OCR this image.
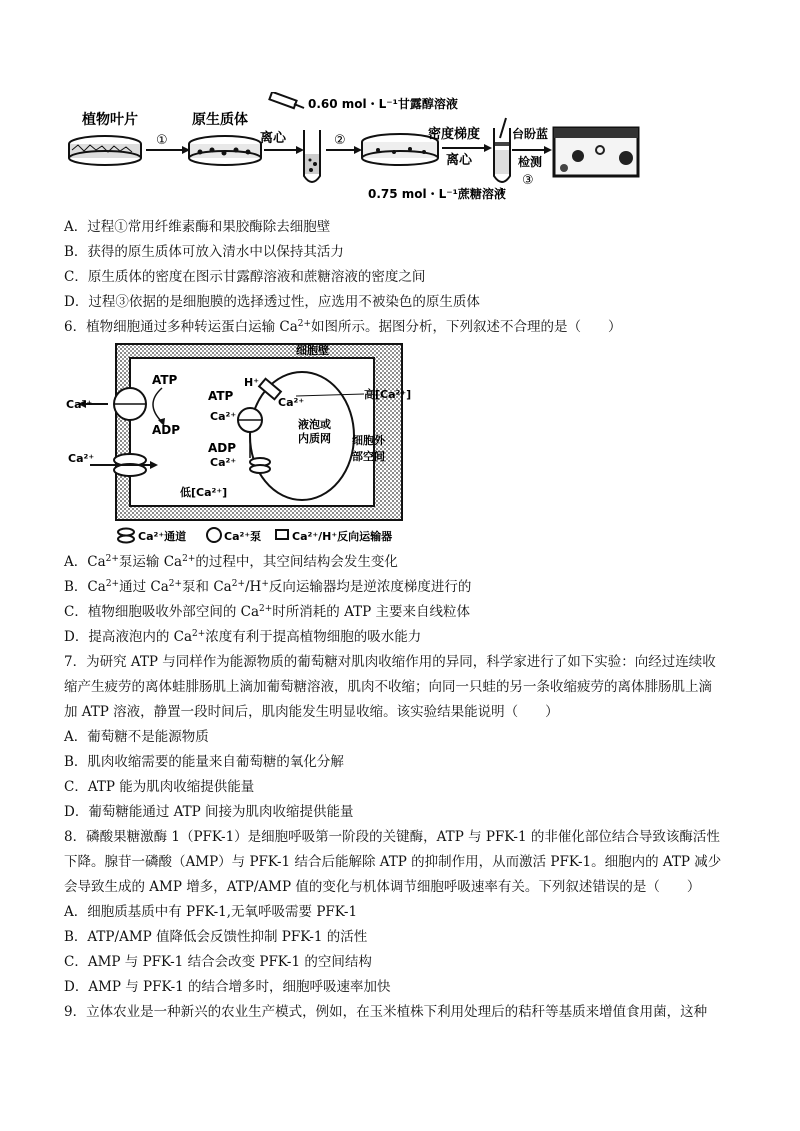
植物叶片
①
原生质体
离心	②
0.60 mol・L⁻¹甘露醇溶液
密度梯度
离心
0.75 mol・L⁻¹蔗糖溶液
台盼蓝
检测
③
A．过程①常用纤维素酶和果胶酶除去细胞壁
B．获得的原生质体可放入清水中以保持其活力
C．原生质体的密度在图示甘露醇溶液和蔗糖溶液的密度之间
D．过程③依据的是细胞膜的选择透过性，应选用不被染色的原生质体
6．植物细胞通过多种转运蛋白运输 $Ca^{2+}$如图所示。据图分析，下列叙述不合理的是（　　）
细胞壁
Ca²⁺
ATP
ADP
Ca²⁺
液泡或
内质网
H⁺
Ca²⁺
高[Ca²⁺]
ATP
Ca²⁺
ADP
Ca²⁺
细胞外
部空间
低[Ca²⁺]
Ca²⁺通道	Ca²⁺泵	Ca²⁺/H⁺反向运输器
A．$Ca^{2+}$泵运输 $Ca^{2+}$的过程中，其空间结构会发生变化
B．$Ca^{2+}$通过 $Ca^{2+}$泵和 $Ca^{2+}/H^+$反向运输器均是逆浓度梯度进行的
C．植物细胞吸收外部空间的 $Ca^{2+}$时所消耗的 ATP 主要来自线粒体
D．提高液泡内的 $Ca^{2+}$浓度有利于提高植物细胞的吸水能力
7．为研究 ATP 与同样作为能源物质的葡萄糖对肌肉收缩作用的异同，科学家进行了如下实验：向经过连续收
缩产生疲劳的离体蛙腓肠肌上滴加葡萄糖溶液，肌肉不收缩；向同一只蛙的另一条收缩疲劳的离体腓肠肌上滴
加 ATP 溶液，静置一段时间后，肌肉能发生明显收缩。该实验结果能说明（　　）
A．葡萄糖不是能源物质
B．肌肉收缩需要的能量来自葡萄糖的氧化分解
C．ATP 能为肌肉收缩提供能量
D．葡萄糖能通过 ATP 间接为肌肉收缩提供能量
8．磷酸果糖激酶 1（PFK-1）是细胞呼吸第一阶段的关键酶，ATP 与 PFK-1 的非催化部位结合导致该酶活性
下降。腺苷一磷酸（AMP）与 PFK-1 结合后能解除 ATP 的抑制作用，从而激活 PFK-1。细胞内的 ATP 减少
会导致生成的 AMP 增多，ATP/AMP 值的变化与机体调节细胞呼吸速率有关。下列叙述错误的是（　　）
A．细胞质基质中有 PFK-1,无氧呼吸需要 PFK-1
B．ATP/AMP 值降低会反馈性抑制 PFK-1 的活性
C．AMP 与 PFK-1 结合会改变 PFK-1 的空间结构
D．AMP 与 PFK-1 的结合增多时，细胞呼吸速率加快
9．立体农业是一种新兴的农业生产模式，例如，在玉米植株下利用处理后的秸秆等基质来增值食用菌，这种
